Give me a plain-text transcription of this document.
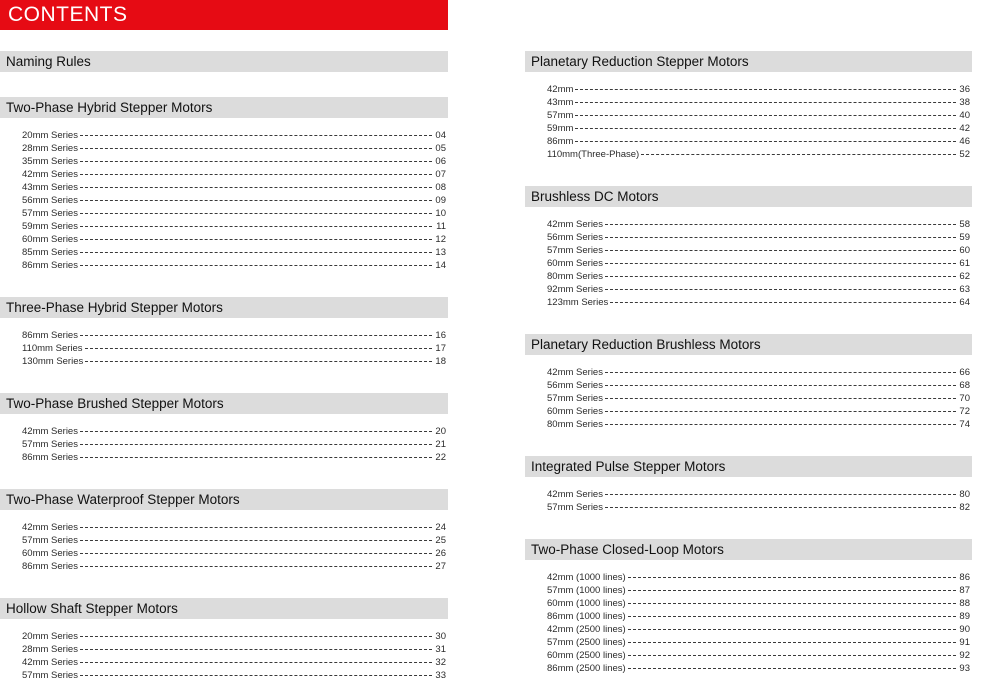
CONTENTS
Naming Rules
Two-Phase Hybrid Stepper Motors
20mm Series	04
28mm Series	05
35mm Series	06
42mm Series	07
43mm Series	08
56mm Series	09
57mm Series	10
59mm Series	11
60mm Series	12
85mm Series	13
86mm Series	14
Three-Phase Hybrid Stepper Motors
86mm Series	16
110mm Series	17
130mm Series	18
Two-Phase Brushed Stepper Motors
42mm Series	20
57mm Series	21
86mm Series	22
Two-Phase Waterproof Stepper Motors
42mm Series	24
57mm Series	25
60mm Series	26
86mm Series	27
Hollow Shaft Stepper Motors
20mm Series	30
28mm Series	31
42mm Series	32
57mm Series	33
Planetary Reduction Stepper Motors
42mm	36
43mm	38
57mm	40
59mm	42
86mm	46
110mm(Three-Phase)	52
Brushless DC Motors
42mm Series	58
56mm Series	59
57mm Series	60
60mm Series	61
80mm Series	62
92mm Series	63
123mm Series	64
Planetary Reduction Brushless Motors
42mm Series	66
56mm Series	68
57mm Series	70
60mm Series	72
80mm Series	74
Integrated Pulse Stepper Motors
42mm Series	80
57mm Series	82
Two-Phase Closed-Loop Motors
42mm (1000 lines)	86
57mm (1000 lines)	87
60mm (1000 lines)	88
86mm (1000 lines)	89
42mm (2500 lines)	90
57mm (2500 lines)	91
60mm (2500 lines)	92
86mm (2500 lines)	93
